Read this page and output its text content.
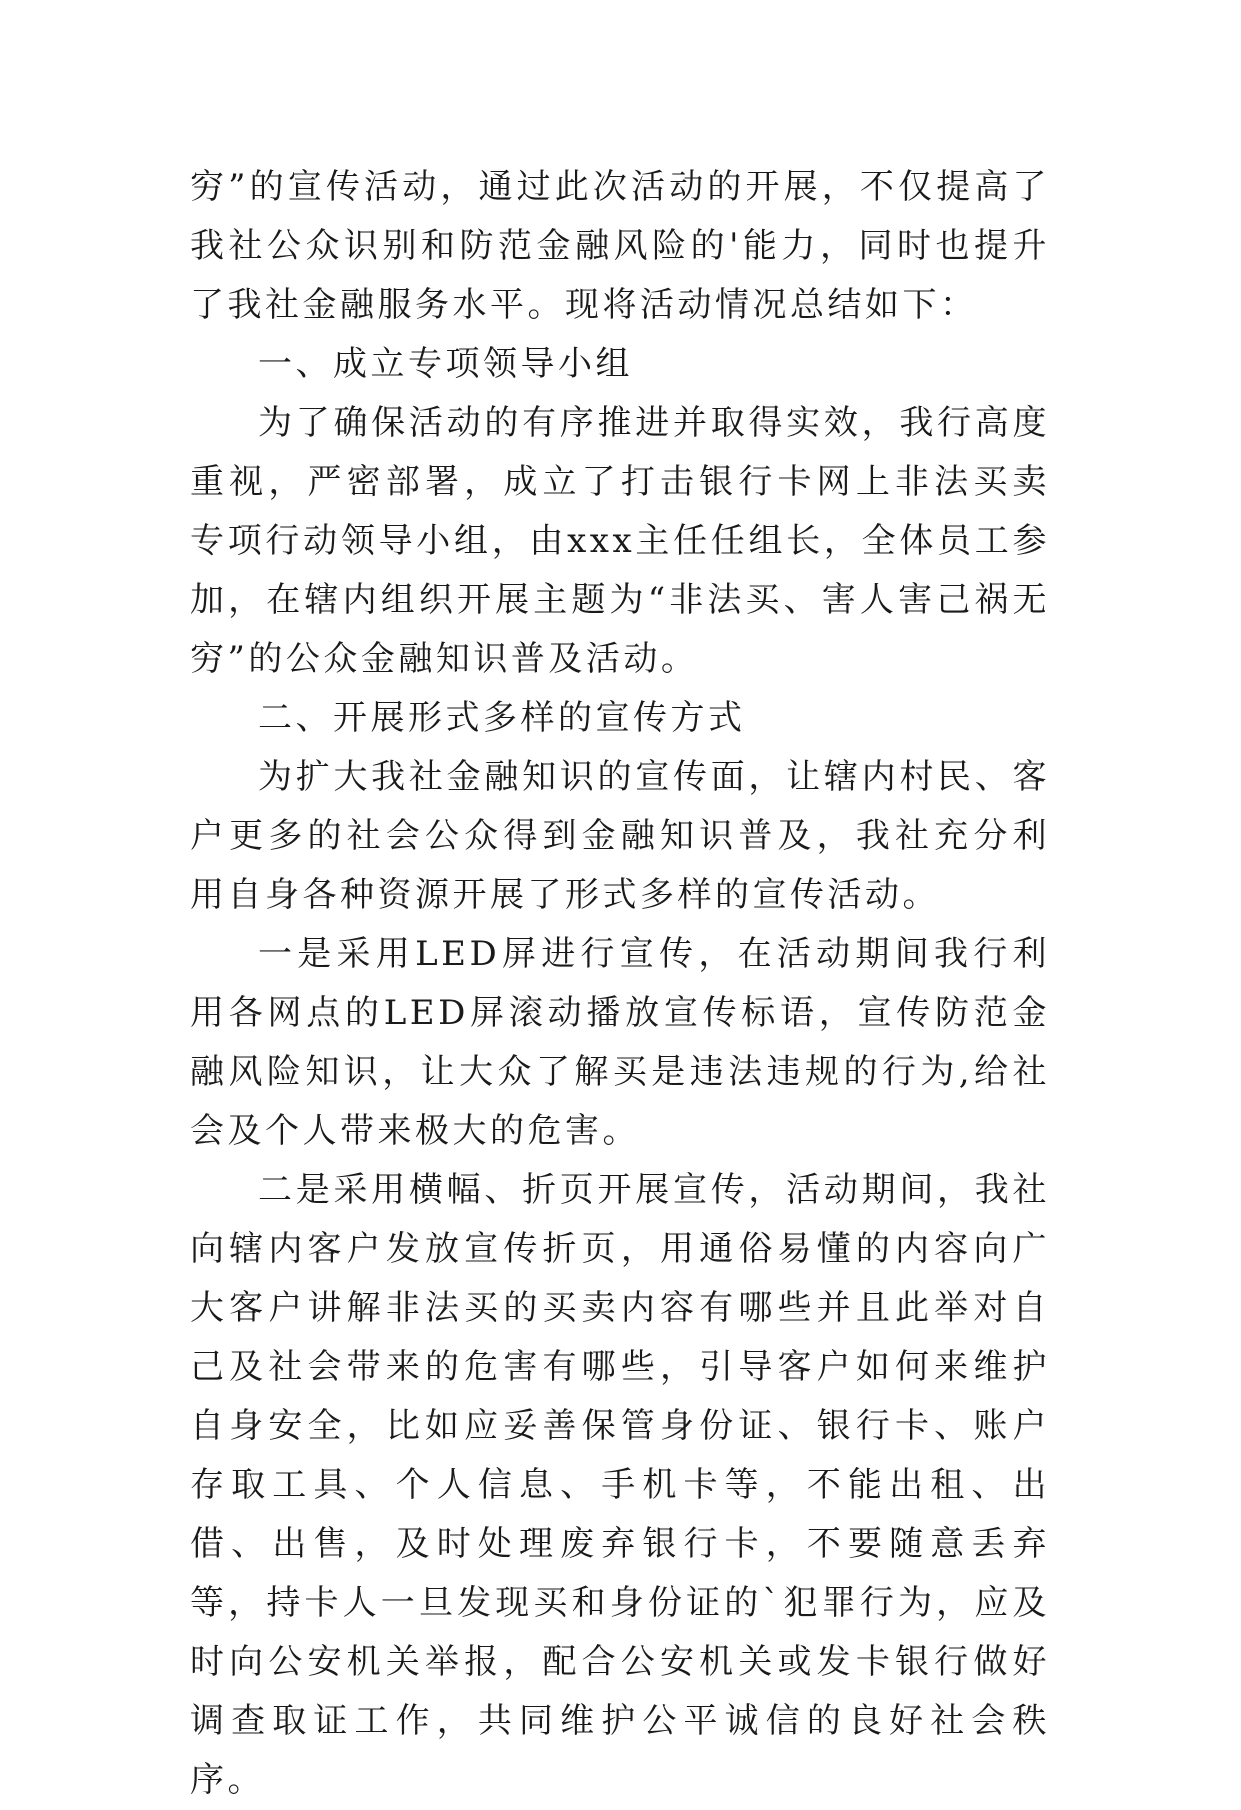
穷”的宣传活动，通过此次活动的开展，不仅提高了我社公众识别和防范金融风险的'能力，同时也提升了我社金融服务水平。现将活动情况总结如下：

一、成立专项领导小组

为了确保活动的有序推进并取得实效，我行高度重视，严密部署，成立了打击银行卡网上非法买卖专项行动领导小组，由xxx主任任组长，全体员工参加，在辖内组织开展主题为“非法买、害人害己祸无穷”的公众金融知识普及活动。

二、开展形式多样的宣传方式

为扩大我社金融知识的宣传面，让辖内村民、客户更多的社会公众得到金融知识普及，我社充分利用自身各种资源开展了形式多样的宣传活动。

一是采用LED屏进行宣传，在活动期间我行利用各网点的LED屏滚动播放宣传标语，宣传防范金融风险知识，让大众了解买是违法违规的行为,给社会及个人带来极大的危害。

二是采用横幅、折页开展宣传，活动期间，我社向辖内客户发放宣传折页，用通俗易懂的内容向广大客户讲解非法买的买卖内容有哪些并且此举对自己及社会带来的危害有哪些，引导客户如何来维护自身安全，比如应妥善保管身份证、银行卡、账户存取工具、个人信息、手机卡等，不能出租、出借、出售，及时处理废弃银行卡，不要随意丢弃等，持卡人一旦发现买和身份证的`犯罪行为，应及时向公安机关举报，配合公安机关或发卡银行做好调查取证工作，共同维护公平诚信的良好社会秩序。
